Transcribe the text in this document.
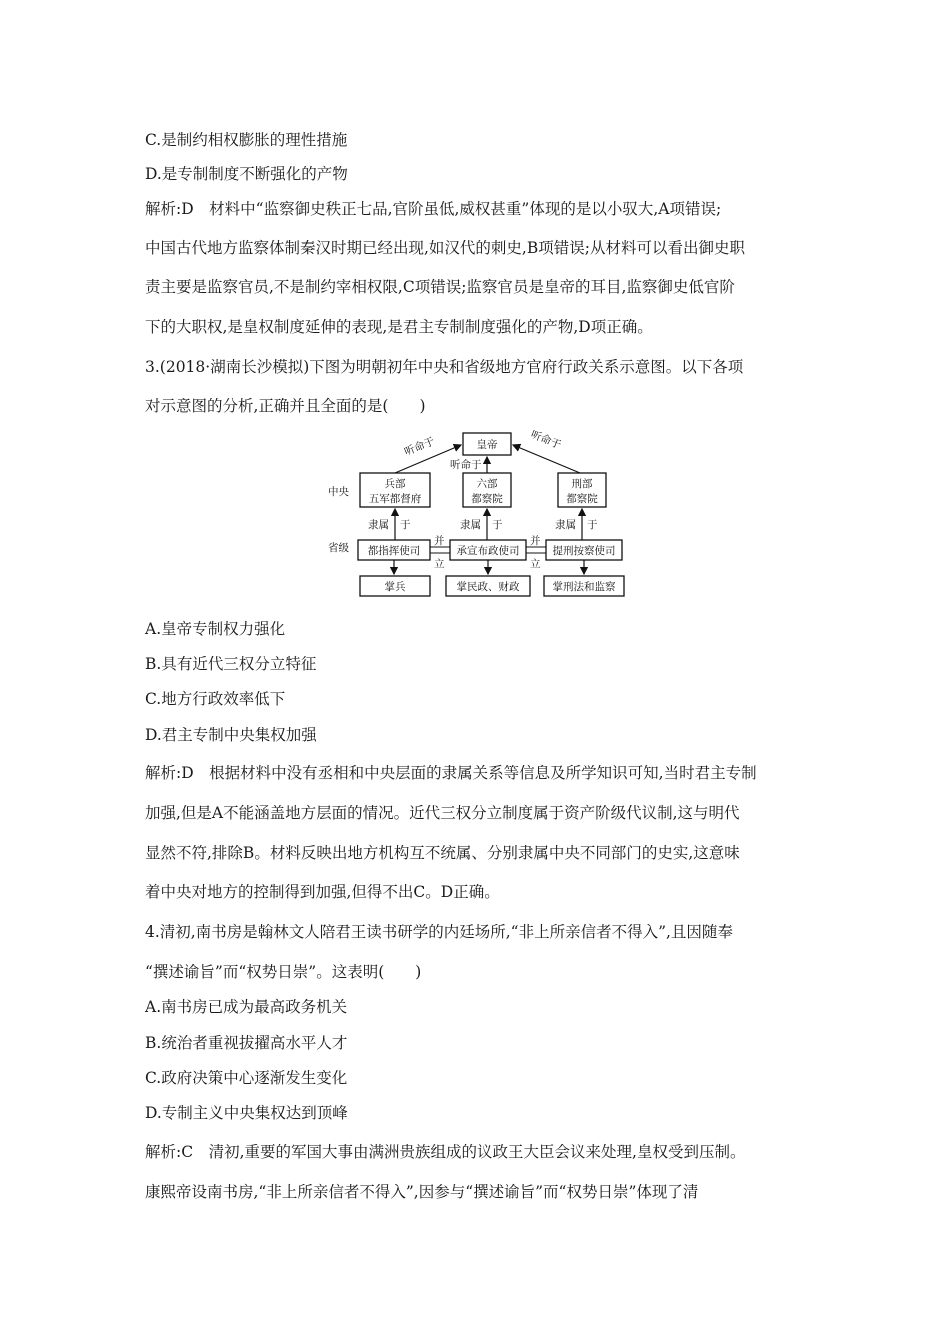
C.是制约相权膨胀的理性措施
D.是专制制度不断强化的产物
解析:D　材料中“监察御史秩正七品,官阶虽低,威权甚重”体现的是以小驭大,A项错误;
中国古代地方监察体制秦汉时期已经出现,如汉代的刺史,B项错误;从材料可以看出御史职
责主要是监察官员,不是制约宰相权限,C项错误;监察官员是皇帝的耳目,监察御史低官阶
下的大职权,是皇权制度延伸的表现,是君主专制制度强化的产物,D项正确。
3.(2018·湖南长沙模拟)下图为明朝初年中央和省级地方官府行政关系示意图。以下各项
对示意图的分析,正确并且全面的是(　　)
皇帝
听命于	听命于
听命于
中央
省级
兵部
五军都督府
六部
都察院
刑部
都察院
隶属 于	隶属 于	隶属 于
都指挥使司	承宣布政使司	提刑按察使司
并
立
并
立
掌兵	掌民政、财政	掌刑法和监察
A.皇帝专制权力强化
B.具有近代三权分立特征
C.地方行政效率低下
D.君主专制中央集权加强
解析:D　根据材料中没有丞相和中央层面的隶属关系等信息及所学知识可知,当时君主专制
加强,但是A不能涵盖地方层面的情况。近代三权分立制度属于资产阶级代议制,这与明代
显然不符,排除B。材料反映出地方机构互不统属、分别隶属中央不同部门的史实,这意味
着中央对地方的控制得到加强,但得不出C。D正确。
4.清初,南书房是翰林文人陪君王读书研学的内廷场所,“非上所亲信者不得入”,且因随奉
“撰述谕旨”而“权势日崇”。这表明(　　)
A.南书房已成为最高政务机关
B.统治者重视拔擢高水平人才
C.政府决策中心逐渐发生变化
D.专制主义中央集权达到顶峰
解析:C　清初,重要的军国大事由满洲贵族组成的议政王大臣会议来处理,皇权受到压制。
康熙帝设南书房,“非上所亲信者不得入”,因参与“撰述谕旨”而“权势日崇”体现了清
